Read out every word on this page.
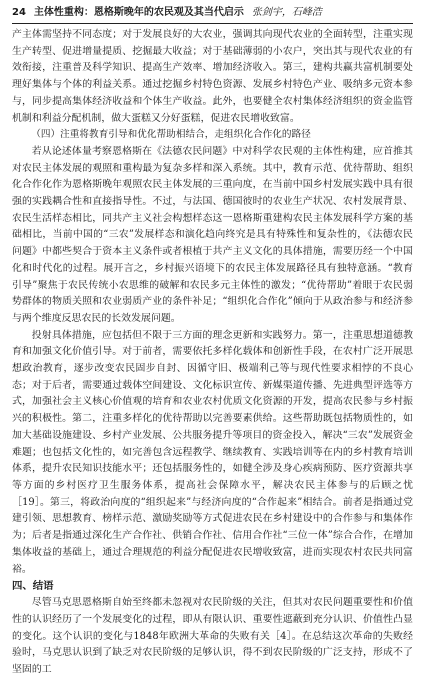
24 主体性重构：恩格斯晚年的农民观及其当代启示 张剑宇，石峰浩

产主体需坚持不同态度；对于发展良好的大农业，强调其向现代农业的全面转型，注重实现生产转型、促进增量提质、挖掘最大收益；对于基础薄弱的小农户，突出其与现代农业的有效衔接，注重普及科学知识、提高生产效率、增加经济收入。第三，建构共赢共富机制要处理好集体与个体的利益关系。通过挖掘乡村特色资源、发展乡村特色产业、吸纳多元资本参与，同步提高集体经济收益和个体生产收益。此外，也要健全农村集体经济组织的资金监管机制和利益分配机制，做大蛋糕又分好蛋糕，促进农民增收致富。

（四）注重将教育引导和优化帮助相结合，走组织化合作化的路径

若从论述体量考察恩格斯在《法德农民问题》中对科学农民观的主体性构建，应首推其对农民主体发展的观照和重构最为复杂多样和深入系统。其中，教育示范、优待帮助、组织化合作化作为恩格斯晚年观照农民主体发展的三重向度，在当前中国乡村发展实践中具有很强的实践耦合性和直接指导性。不过，与法国、德国彼时的农业生产状况、农村发展背景、农民生活样态相比，同共产主义社会构想样态这一恩格斯重建构农民主体发展科学方案的基础相比，当前中国的“三农”发展样态和演化趋向终究是具有特殊性和复杂性的，《法德农民问题》中都些契合于资本主义条件或者根植于共产主义文化的具体措施，需要历经一个中国化和时代化的过程。展开言之，乡村振兴语境下的农民主体发展路径具有独特意涵。“教育引导”聚焦于农民传统小农思维的破解和农民多元主体性的激发；“优待帮助”着眼于农民弱势群体的物质关照和农业弱质产业的条件补足；“组织化合作化”倾向于从政治参与和经济参与两个维度反思农民的长效发展问题。

投射具体措施，应包括但不限于三方面的理念更新和实践努力。第一，注重思想道德教育和加强文化价值引导。对于前者，需要依托多样化载体和创新性手段，在农村广泛开展思想政治教育，逐步改变农民固步自封、因循守旧、极端利己等与现代性要求相悖的不良心态；对于后者，需要通过载体空间建设、文化标识宣传、新媒渠道传播、先进典型评选等方式，加强社会主义核心价值观的培育和农业农村优质文化资源的开发，提高农民参与乡村振兴的积极性。第二，注重多样化的优待帮助以完善要素供给。这些帮助既包括物质性的，如加大基础设施建设、乡村产业发展、公共服务提升等项目的资金投入，解决“三农”发展资金难题；也包括文化性的，如完善包含远程教学、继续教育、实践培训等在内的乡村教育培训体系，提升农民知识技能水平；还包括服务性的，如健全涉及身心疾病预防、医疗资源共享等方面的乡村医疗卫生服务体系，提高社会保障水平，解决农民主体参与的后顾之忧［19］。第三，将政治向度的“组织起来”与经济向度的“合作起来”相结合。前者是指通过党建引领、思想教育、榜样示范、激励奖励等方式促进农民在乡村建设中的合作参与和集体作为；后者是指通过深化生产合作社、供销合作社、信用合作社“三位一体”综合合作，在增加集体收益的基础上，通过合理规范的利益分配促进农民增收致富，进而实现农村农民共同富裕。

四、结语

尽管马克思恩格斯自始至终都未忽视对农民阶级的关注，但其对农民问题重要性和价值性的认识经历了一个发展变化的过程，即从有限认识、重要性遮蔽到充分认识、价值性凸显的变化。这个认识的变化与1848年欧洲大革命的失败有关［4］。在总结这次革命的失败经验时，马克思认识到了缺乏对农民阶级的足够认识，得不到农民阶级的广泛支持，形成不了坚固的工
